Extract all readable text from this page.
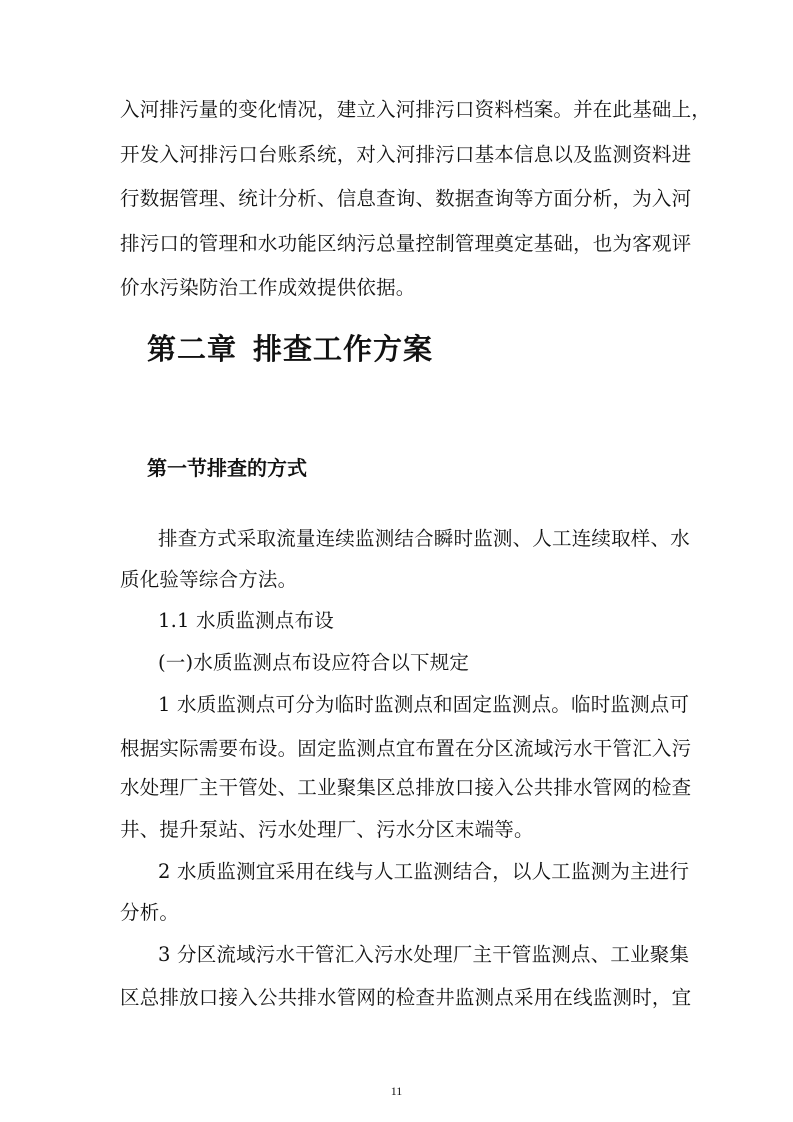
入河排污量的变化情况，建立入河排污口资料档案。并在此基础上，
开发入河排污口台账系统，对入河排污口基本信息以及监测资料进
行数据管理、统计分析、信息查询、数据查询等方面分析，为入河
排污口的管理和水功能区纳污总量控制管理奠定基础，也为客观评
价水污染防治工作成效提供依据。
第二章 排查工作方案
第一节排查的方式
排查方式采取流量连续监测结合瞬时监测、人工连续取样、水
质化验等综合方法。
1.1 水质监测点布设
(一)水质监测点布设应符合以下规定
1 水质监测点可分为临时监测点和固定监测点。临时监测点可
根据实际需要布设。固定监测点宜布置在分区流域污水干管汇入污
水处理厂主干管处、工业聚集区总排放口接入公共排水管网的检查
井、提升泵站、污水处理厂、污水分区末端等。
2 水质监测宜采用在线与人工监测结合，以人工监测为主进行
分析。
3 分区流域污水干管汇入污水处理厂主干管监测点、工业聚集
区总排放口接入公共排水管网的检查井监测点采用在线监测时，宜
11
